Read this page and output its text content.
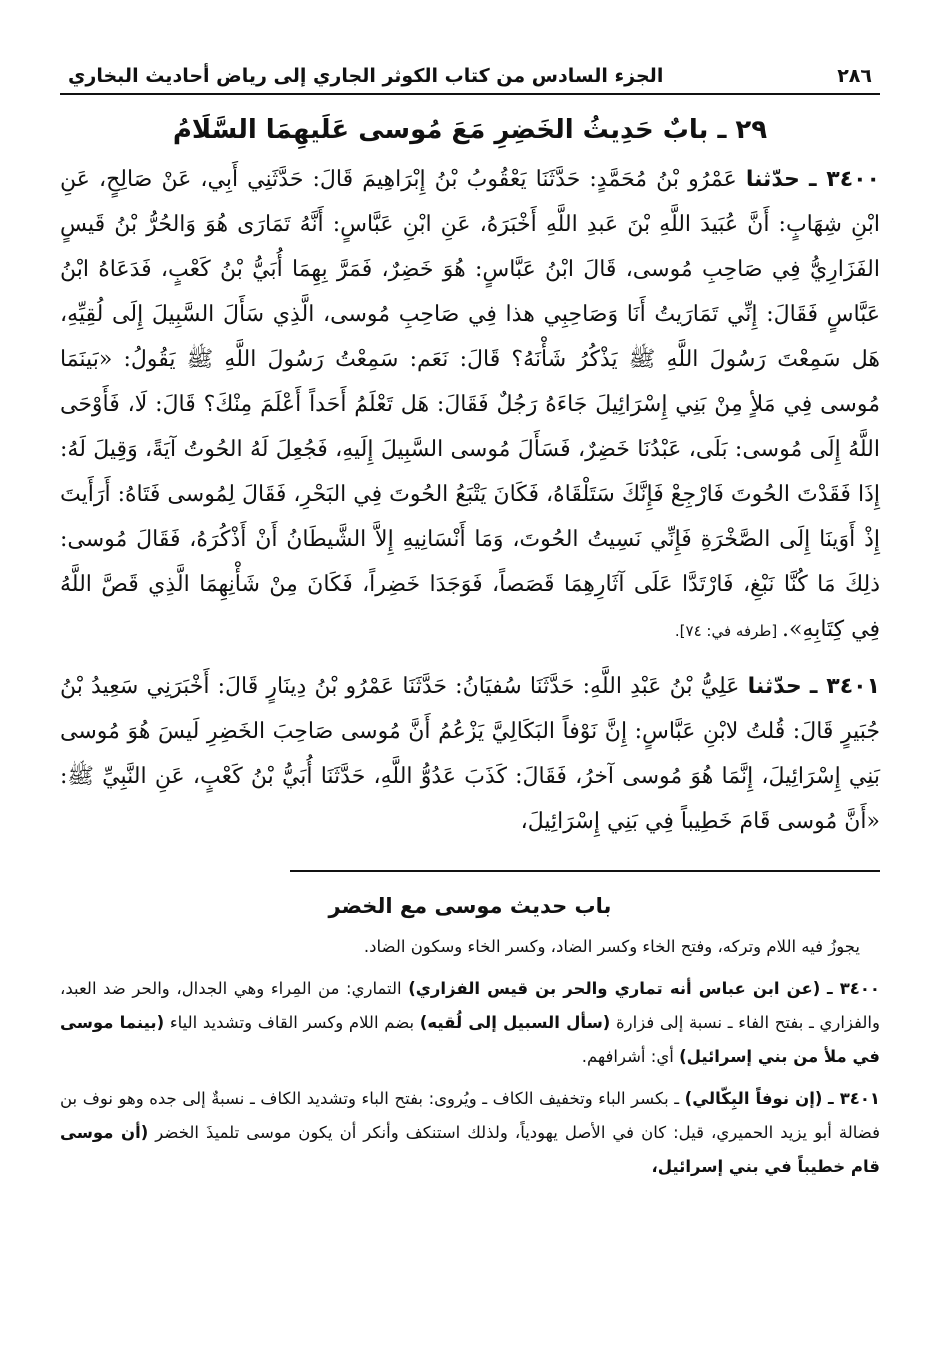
٢٨٦
الجزء السادس من كتاب الكوثر الجاري إلى رياض أحاديث البخاري
٢٩ ـ بابٌ حَدِيثُ الخَضِرِ مَعَ مُوسى عَلَيهِمَا السَّلَامُ

٣٤٠٠ ـ حدّثنا عَمْرُو بْنُ مُحَمَّدٍ: حَدَّثَنَا يَعْقُوبُ بْنُ إِبْرَاهِيمَ قَالَ: حَدَّثَنِي أَبِي، عَنْ صَالِحٍ، عَنِ ابْنِ شِهَابٍ: أَنَّ عُبَيدَ اللَّهِ بْنَ عَبدِ اللَّهِ أَخْبَرَهُ، عَنِ ابْنِ عَبَّاسٍ: أَنَّهُ تَمَارَى هُوَ وَالحُرُّ بْنُ قَيسٍ الفَزَارِيُّ فِي صَاحِبِ مُوسى، قَالَ ابْنُ عَبَّاسٍ: هُوَ خَضِرٌ، فَمَرَّ بِهِمَا أُبَيُّ بْنُ كَعْبٍ، فَدَعَاهُ ابْنُ عَبَّاسٍ فَقَالَ: إِنِّي تَمَارَيتُ أَنَا وَصَاحِبِي هذا فِي صَاحِبِ مُوسى، الَّذِي سَأَلَ السَّبِيلَ إِلَى لُقِيِّهِ، هَل سَمِعْتَ رَسُولَ اللَّهِ ﷺ يَذْكُرُ شَأْنَهُ؟ قَالَ: نَعَم: سَمِعْتُ رَسُولَ اللَّهِ ﷺ يَقُولُ: «بَينَمَا مُوسى فِي مَلأٍ مِنْ بَنِي إِسْرَائِيلَ جَاءَهُ رَجُلٌ فَقَالَ: هَل تَعْلَمُ أَحَداً أَعْلَمَ مِنْكَ؟ قَالَ: لَا، فَأَوْحَى اللَّهُ إِلَى مُوسى: بَلَى، عَبْدُنَا خَضِرٌ، فَسَأَلَ مُوسى السَّبِيلَ إِلَيهِ، فَجُعِلَ لَهُ الحُوتُ آيَةً، وَقِيلَ لَهُ: إِذَا فَقَدْتَ الحُوتَ فَارْجِعْ فَإِنَّكَ سَتَلْقَاهُ، فَكَانَ يَتْبَعُ الحُوتَ فِي البَحْرِ، فَقَالَ لِمُوسى فَتَاهُ: أَرَأَيتَ إِذْ أَوَينَا إِلَى الصَّخْرَةِ فَإِنِّي نَسِيتُ الحُوتَ، وَمَا أَنْسَانِيهِ إِلاَّ الشَّيطَانُ أَنْ أَذْكُرَهُ، فَقَالَ مُوسى: ذلِكَ مَا كُنَّا نَبْغِ، فَارْتَدَّا عَلَى آثَارِهِمَا قَصَصاً، فَوَجَدَا خَضِراً، فَكَانَ مِنْ شَأْنِهِمَا الَّذِي قَصَّ اللَّهُ فِي كِتَابِهِ». [طرفه في: ٧٤].

٣٤٠١ ـ حدّثنا عَلِيُّ بْنُ عَبْدِ اللَّهِ: حَدَّثَنَا سُفيَانُ: حَدَّثَنَا عَمْرُو بْنُ دِينَارٍ قَالَ: أَخْبَرَنِي سَعِيدُ بْنُ جُبَيرٍ قَالَ: قُلتُ لابْنِ عَبَّاسٍ: إِنَّ نَوْفاً البَكَالِيَّ يَزْعُمُ أَنَّ مُوسى صَاحِبَ الخَضِرِ لَيسَ هُوَ مُوسى بَنِي إِسْرَائِيلَ، إِنَّمَا هُوَ مُوسى آخرُ، فَقَالَ: كَذَبَ عَدُوُّ اللَّهِ، حَدَّثَنَا أُبَيُّ بْنُ كَعْبٍ، عَنِ النَّبِيِّ ﷺ: «أَنَّ مُوسى قَامَ خَطِيباً فِي بَنِي إِسْرَائِيلَ،

باب حديث موسى مع الخضر

يجوزُ فيه اللام وتركه، وفتح الخاء وكسر الضاد، وكسر الخاء وسكون الضاد.

٣٤٠٠ ـ (عن ابن عباس أنه تماري والحر بن قيس الفزاري) التماري: من المِراء وهي الجدال، والحر ضد العبد، والفزاري ـ بفتح الفاء ـ نسبة إلى فزارة (سأل السبيل إلى لُقيه) بضم اللام وكسر القاف وتشديد الياء (بينما موسى في ملأ من بني إسرائيل) أي: أشرافهم.

٣٤٠١ ـ (إن نوفاً البِكّالي) ـ بكسر الباء وتخفيف الكاف ـ ويُروى: بفتح الباء وتشديد الكاف ـ نسبةٌ إلى جده وهو نوف بن فضالة أبو يزيد الحميري، قيل: كان في الأصل يهودياً، ولذلك استنكف وأنكر أن يكون موسى تلميذَ الخضر (أن موسى قام خطيباً في بني إسرائيل،
